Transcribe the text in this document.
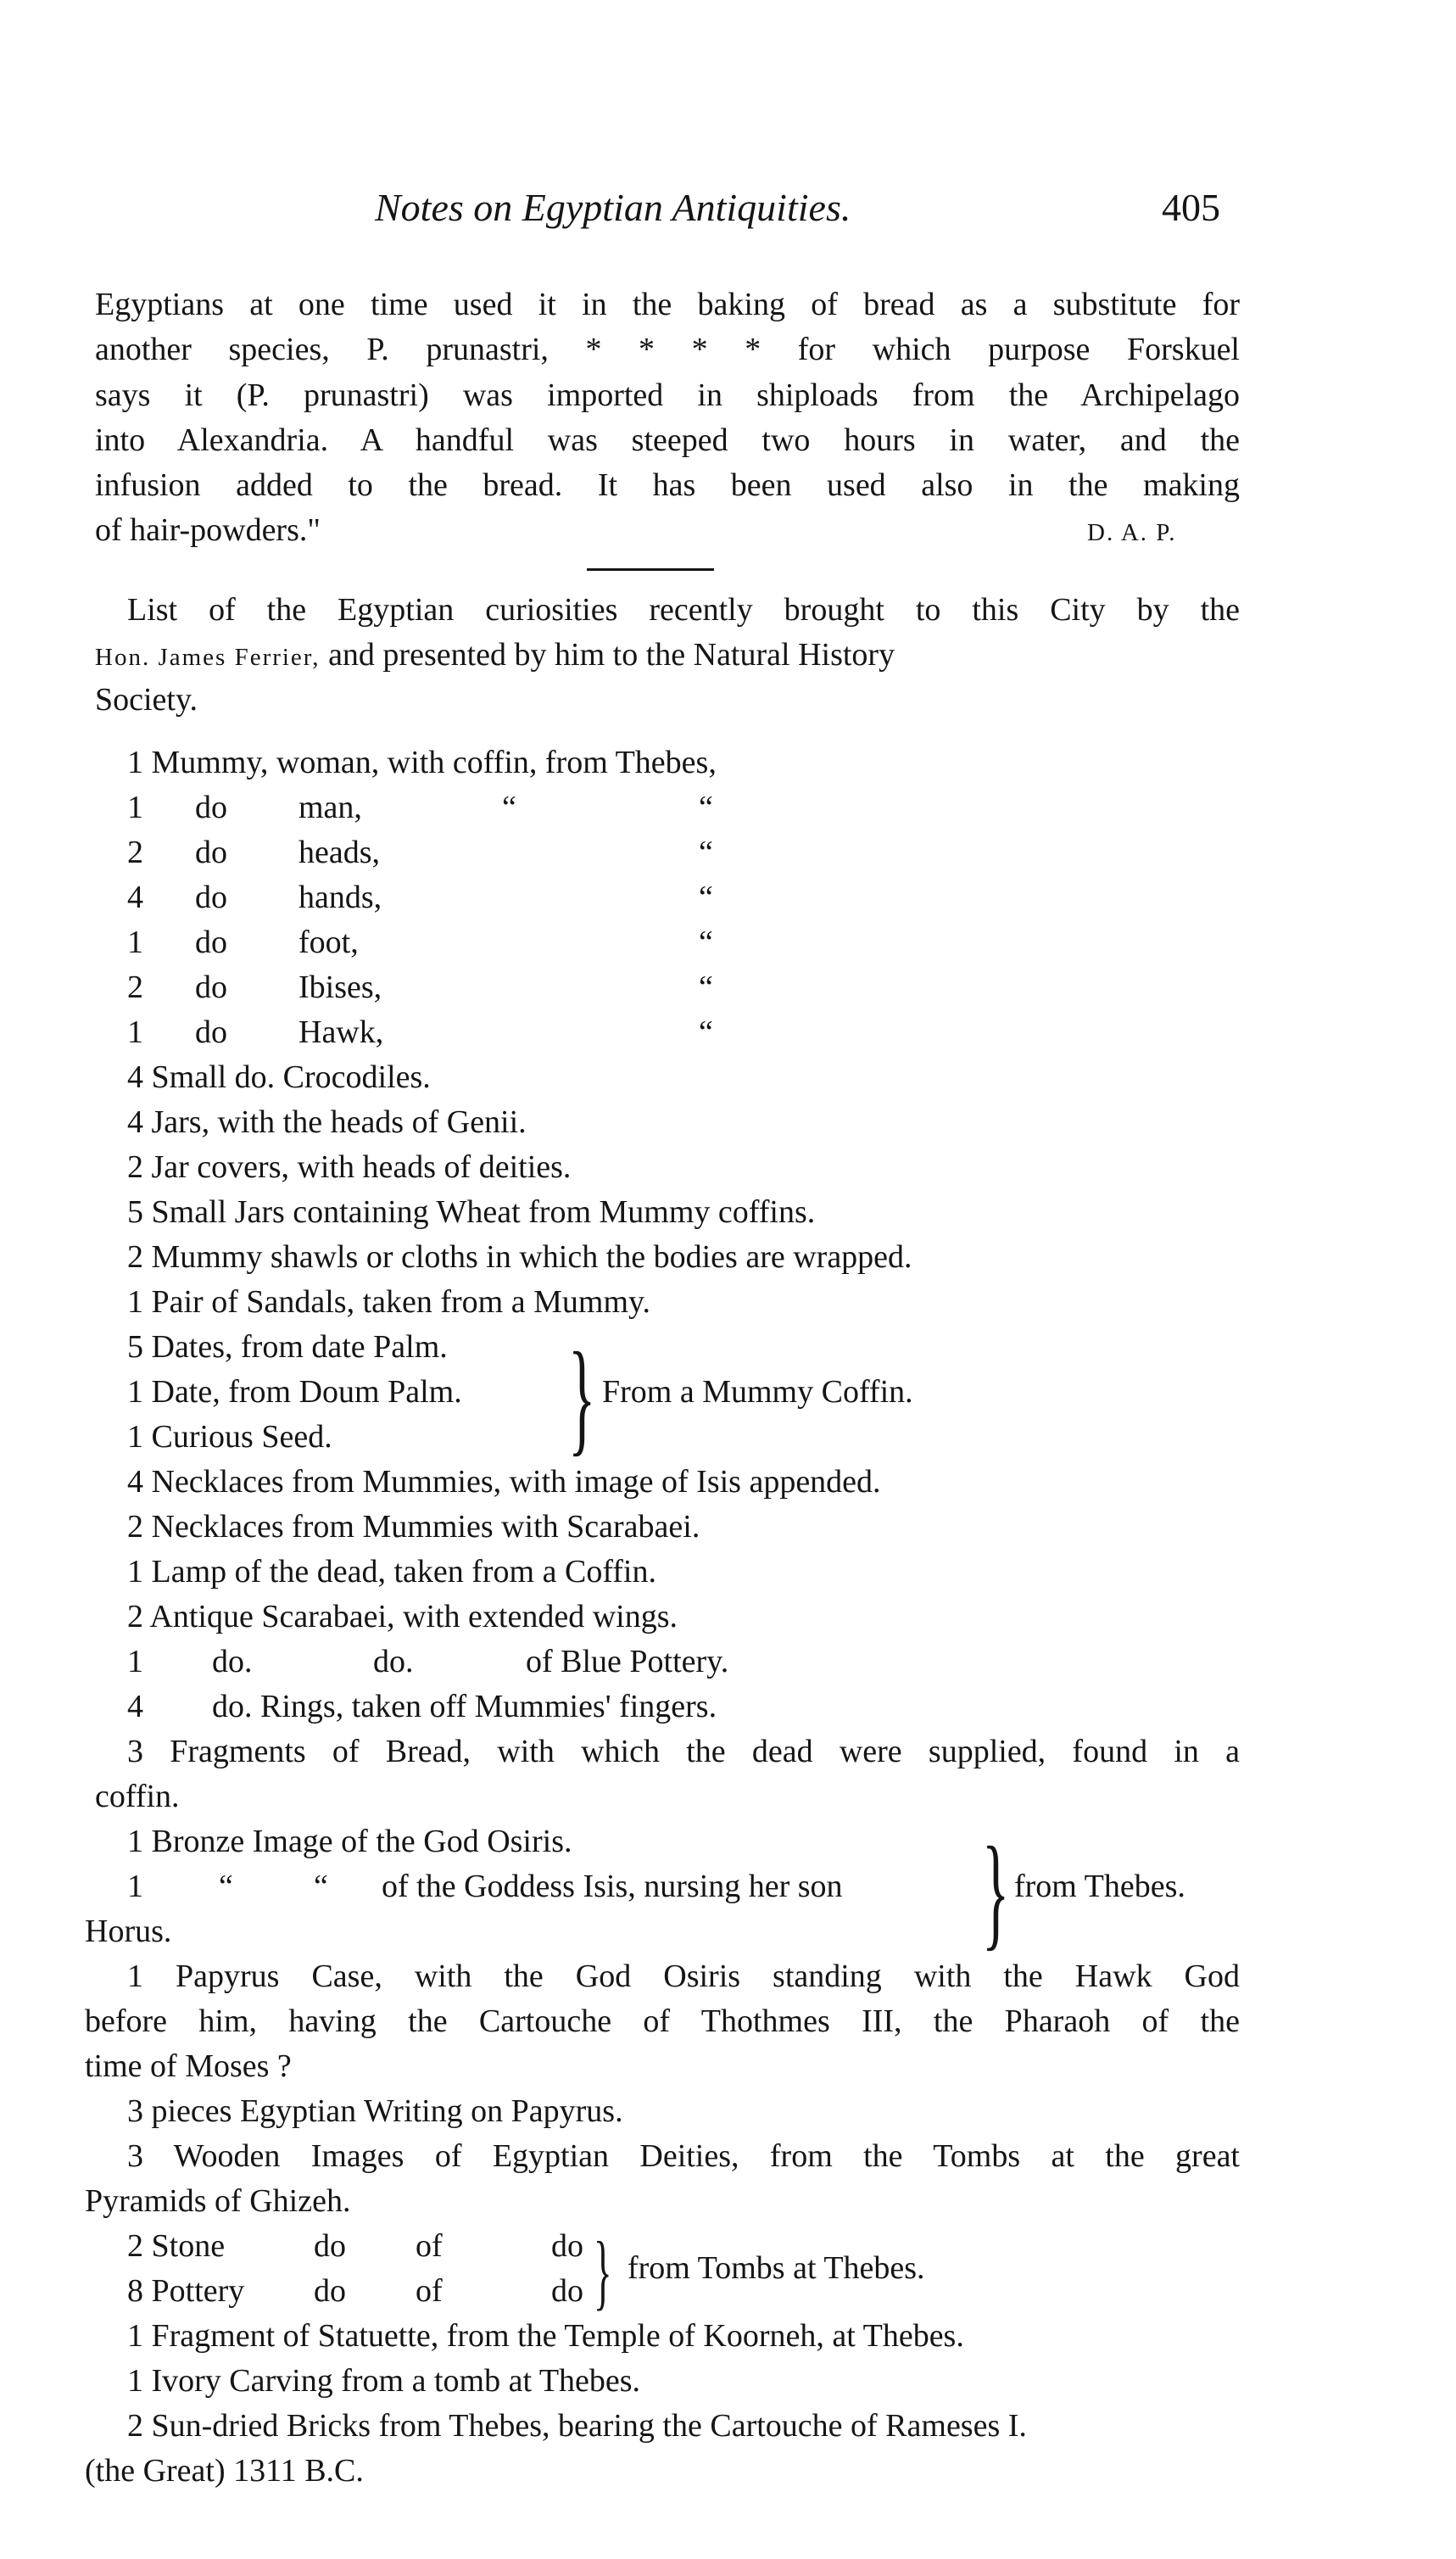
Notes on Egyptian Antiquities.	405
Egyptians at one time used it in the baking of bread as a substitute for
another species, P. prunastri, * * * * for which purpose Forskuel
says it (P. prunastri) was imported in shiploads from the Archipelago
into Alexandria. A handful was steeped two hours in water, and the
infusion added to the bread. It has been used also in the making
of hair-powders."	D. A. P.
List of the Egyptian curiosities recently brought to this City by the
Hon. James Ferrier, and presented by him to the Natural History
Society.
1 Mummy, woman, with coffin, from Thebes,
1 do man,	“	“
2 do heads,	“
4 do hands,	“
1 do foot,	“
2 do Ibises,	“
1 do Hawk,	“
4 Small do. Crocodiles.
4 Jars, with the heads of Genii.
2 Jar covers, with heads of deities.
5 Small Jars containing Wheat from Mummy coffins.
2 Mummy shawls or cloths in which the bodies are wrapped.
1 Pair of Sandals, taken from a Mummy.
5 Dates, from date Palm.
1 Date, from Doum Palm.
1 Curious Seed. } From a Mummy Coffin.
4 Necklaces from Mummies, with image of Isis appended.
2 Necklaces from Mummies with Scarabaei.
1 Lamp of the dead, taken from a Coffin.
2 Antique Scarabaei, with extended wings.
1 do.	do.	of Blue Pottery.
4 do. Rings, taken off Mummies' fingers.
3 Fragments of Bread, with which the dead were supplied, found in a
coffin.
1 Bronze Image of the God Osiris.
1 “	“ of the Goddess Isis, nursing her son
Horus.	} from Thebes.
1 Papyrus Case, with the God Osiris standing with the Hawk God
before him, having the Cartouche of Thothmes III, the Pharaoh of the
time of Moses ?
3 pieces Egyptian Writing on Papyrus.
3 Wooden Images of Egyptian Deities, from the Tombs at the great
Pyramids of Ghizeh.
2 Stone	do of	do
8 Pottery do of	do } from Tombs at Thebes.
1 Fragment of Statuette, from the Temple of Koorneh, at Thebes.
1 Ivory Carving from a tomb at Thebes.
2 Sun-dried Bricks from Thebes, bearing the Cartouche of Rameses I.
(the Great) 1311 B.C.
